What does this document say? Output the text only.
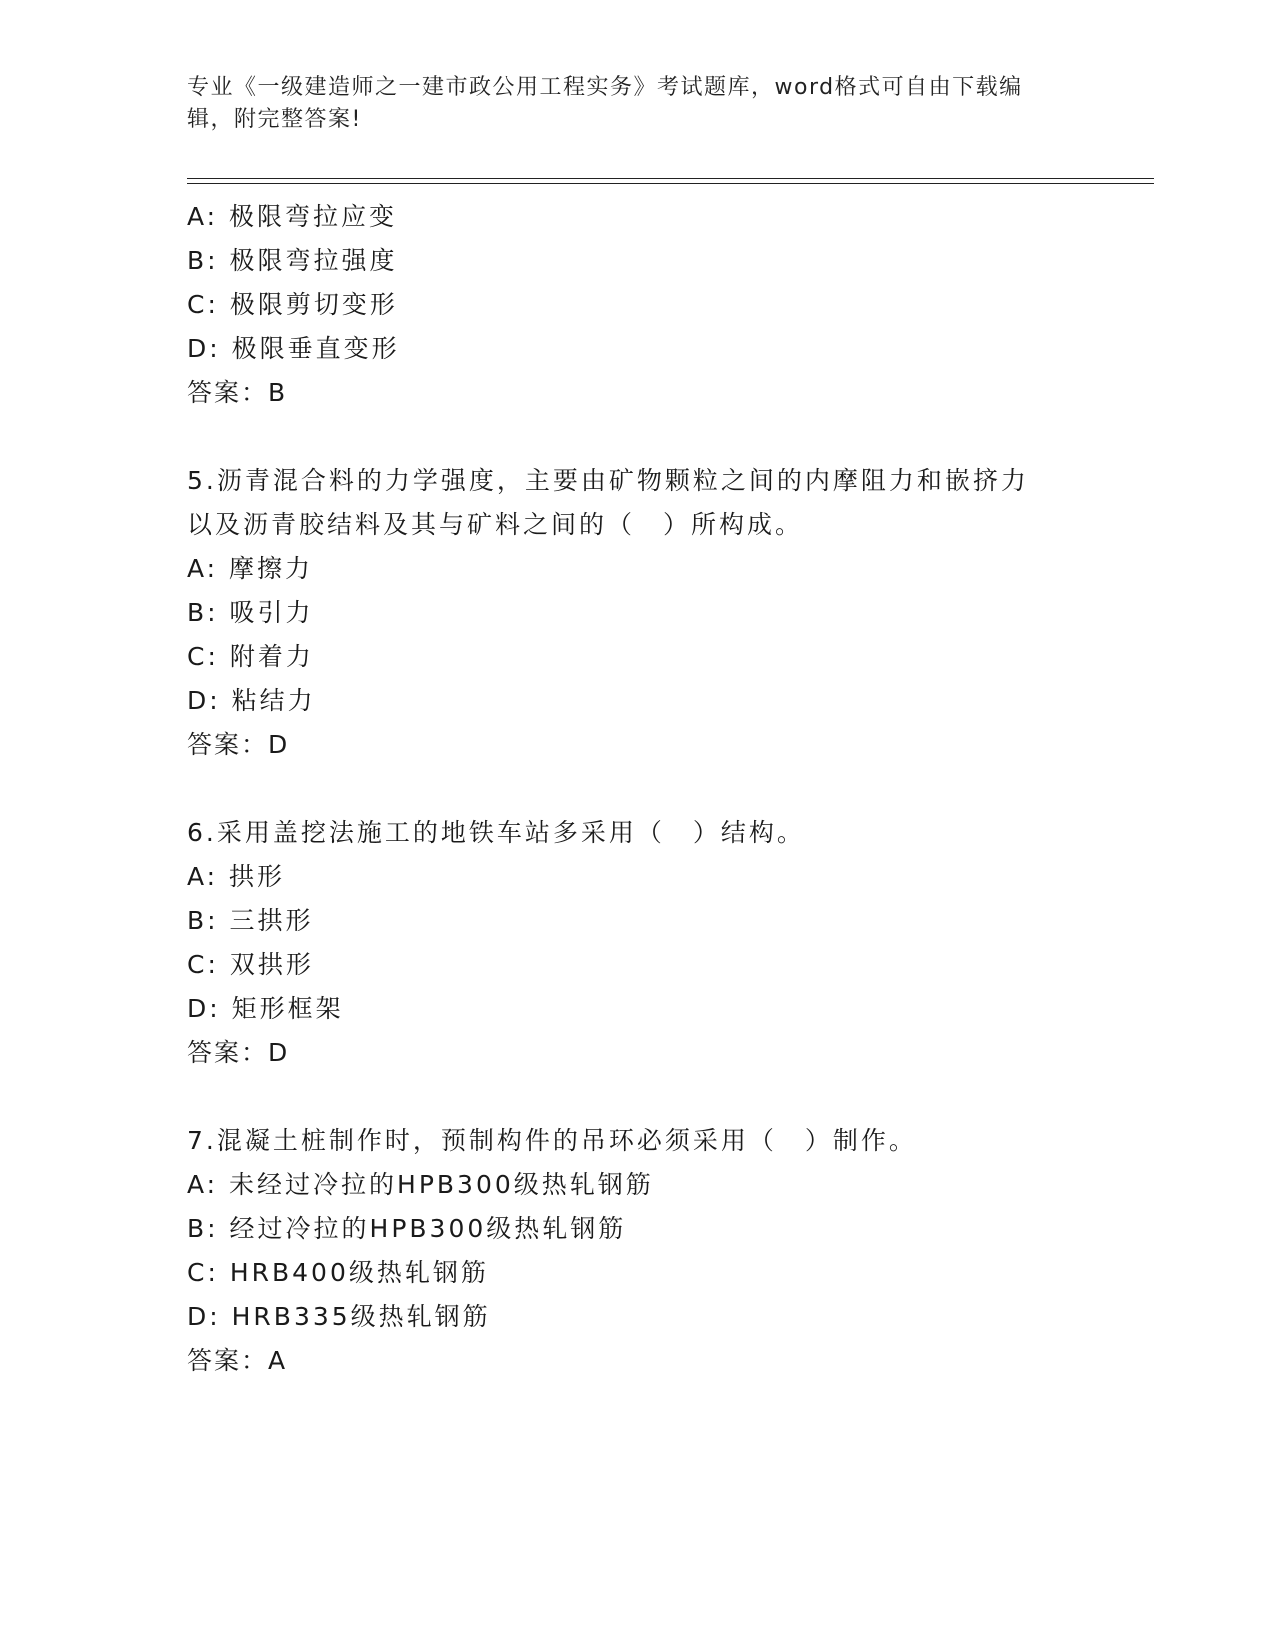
专业《一级建造师之一建市政公用工程实务》考试题库，word格式可自由下载编
辑，附完整答案!
A: 极限弯拉应变
B: 极限弯拉强度
C: 极限剪切变形
D: 极限垂直变形
答案：B
5.沥青混合料的力学强度，主要由矿物颗粒之间的内摩阻力和嵌挤力
以及沥青胶结料及其与矿料之间的（　）所构成。
A: 摩擦力
B: 吸引力
C: 附着力
D: 粘结力
答案：D
6.采用盖挖法施工的地铁车站多采用（　）结构。
A: 拱形
B: 三拱形
C: 双拱形
D: 矩形框架
答案：D
7.混凝土桩制作时，预制构件的吊环必须采用（　）制作。
A: 未经过冷拉的HPB300级热轧钢筋
B: 经过冷拉的HPB300级热轧钢筋
C: HRB400级热轧钢筋
D: HRB335级热轧钢筋
答案：A
